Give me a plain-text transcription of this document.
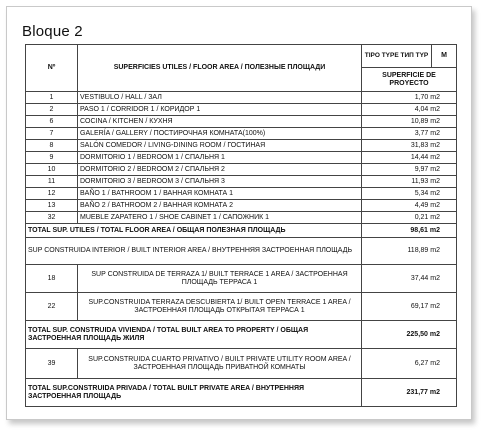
Bloque 2
Nº	SUPERFICIES UTILES / FLOOR AREA / ПОЛЕЗНЫЕ ПЛОЩАДИ	TIPO TYPE ТИП TYP	M
		SUPERFICIE DE PROYECTO	
1	VESTIBULO / HALL / ЗАЛ	1,70 m2	
2	PASO 1 / CORRIDOR 1 / КОРИДОР 1	4,04 m2	
6	COCINA / KITCHEN / КУХНЯ	10,89 m2	
7	GALERÍA / GALLERY / ПОСТИРОЧНАЯ КОМНАТА(100%)	3,77 m2	
8	SALÓN COMEDOR / LIVING-DINING ROOM / ГОСТИНАЯ	31,83 m2	
9	DORMITORIO 1 / BEDROOM 1 / СПАЛЬНЯ 1	14,44 m2	
10	DORMITORIO 2 / BEDROOM 2 / СПАЛЬНЯ 2	9,97 m2	
11	DORMITORIO 3 / BEDROOM 3 / СПАЛЬНЯ 3	11,93 m2	
12	BAÑO 1 / BATHROOM 1 / ВАННАЯ КОМНАТА 1	5,34 m2	
13	BAÑO 2 / BATHROOM 2 / ВАННАЯ КОМНАТА 2	4,49 m2	
32	MUEBLE ZAPATERO 1 / SHOE CABINET 1 / САПОЖНИК 1	0,21 m2	
TOTAL SUP. UTILES / TOTAL FLOOR AREA / ОБЩАЯ ПОЛЕЗНАЯ ПЛОЩАДЬ		98,61 m2	
SUP CONSTRUIDA INTERIOR / BUILT INTERIOR AREA / ВНУТРЕННЯЯ ЗАСТРОЕННАЯ ПЛОЩАДЬ		118,89 m2	
18	SUP CONSTRUIDA DE TERRAZA 1/ BUILT TERRACE 1 AREA / ЗАСТРОЕННАЯ ПЛОЩАДЬ ТЕРРАСА 1	37,44 m2	
22	SUP.CONSTRUIDA TERRAZA DESCUBIERTA 1/ BUILT OPEN TERRACE 1 AREA / ЗАСТРОЕННАЯ ПЛОЩАДЬ ОТКРЫТАЯ ТЕРРАСА 1	69,17 m2	
TOTAL SUP. CONSTRUIDA VIVIENDA / TOTAL BUILT AREA TO PROPERTY / ОБЩАЯ ЗАСТРОЕННАЯ ПЛОЩАДЬ ЖИЛЯ		225,50 m2	
39	SUP.CONSTRUIDA CUARTO PRIVATIVO / BUILT PRIVATE UTILITY ROOM AREA / ЗАСТРОЕННАЯ ПЛОЩАДЬ ПРИВАТНОЙ КОМНАТЫ	6,27 m2	
TOTAL SUP.CONSTRUIDA PRIVADA / TOTAL BUILT PRIVATE AREA / ВНУТРЕННЯЯ ЗАСТРОЕННАЯ ПЛОЩАДЬ		231,77 m2	
